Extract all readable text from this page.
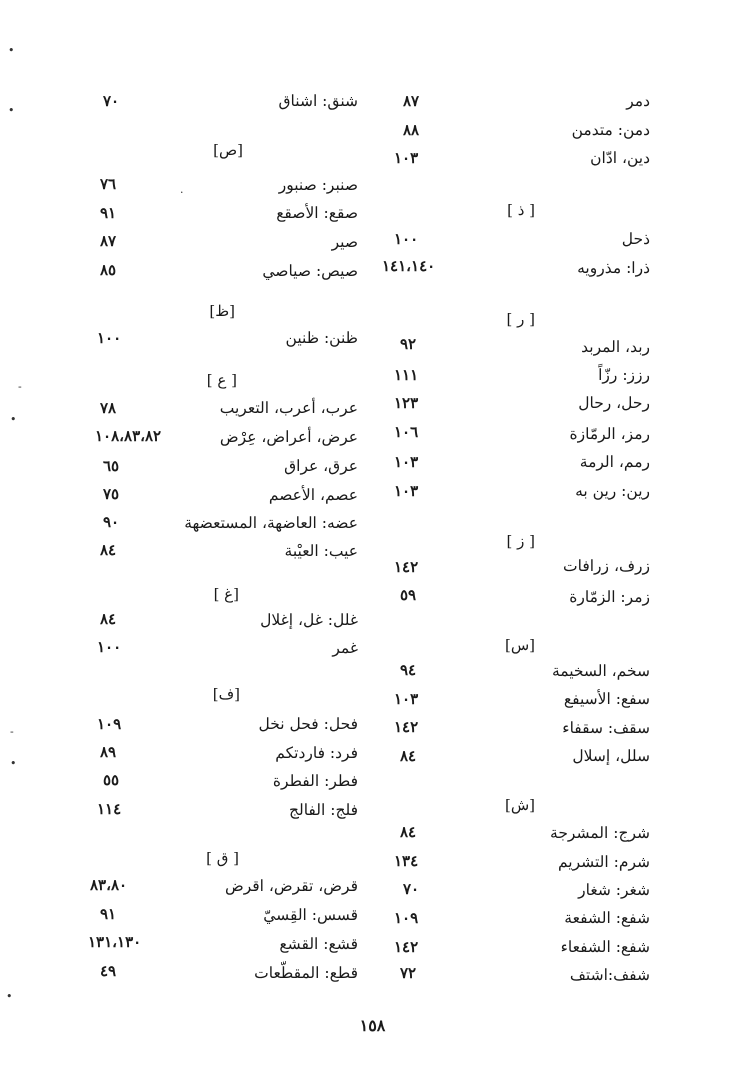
دمر
٨٧
دمن: متدمن
٨٨
دين، ادّان
١٠٣
[ ذ ]
ذحل
١٠٠
ذرا: مذرويه
١٤١،١٤٠
[ ر ]
ربد، المربد
٩٢
رزز: رزّاً
١١١
رحل، رحال
١٢٣
رمز، الرمّازة
١٠٦
رمم، الرمة
١٠٣
رين: رين به
١٠٣
[ ز ]
زرف، زرافات
١٤٢
زمر: الزمّارة
٥٩
[س]
سخم، السخيمة
٩٤
سفع: الأسيفع
١٠٣
سقف: سقفاء
١٤٢
سلل، إسلال
٨٤
[ش]
شرج: المشرجة
٨٤
شرم: التشريم
١٣٤
شغر: شغار
٧٠
شفع: الشفعة
١٠٩
شفع: الشفعاء
١٤٢
شفف:اشتف
٧٢
شنق: اشناق
٧٠
[ص]
صنبر: صنبور
٧٦
صقع: الأصقع
٩١
صير
٨٧
صيص: صياصي
٨٥
[ظ]
ظنن: ظنين
١٠٠
[ ع ]
عرب، أعرب، التعريب
٧٨
عرض، أعراض، عِرْض
١٠٨،٨٣،٨٢
عرق، عراق
٦٥
عصم، الأعصم
٧٥
عضه: العاضهة، المستعضهة
٩٠
عيب: العيْبة
٨٤
[غ ]
غلل: غل، إغلال
٨٤
غمر
١٠٠
[ف]
فحل: فحل نخل
١٠٩
فرد: فاردتكم
٨٩
فطر: الفطرة
٥٥
فلج: الفالج
١١٤
[ ق ]
قرض، تقرض، اقرض
٨٣،٨٠
قسس: القِسيّ
٩١
قشع: القشع
١٣١،١٣٠
قطع: المقطّعات
٤٩
١٥٨
•
•
-
•
-
•
•
·
